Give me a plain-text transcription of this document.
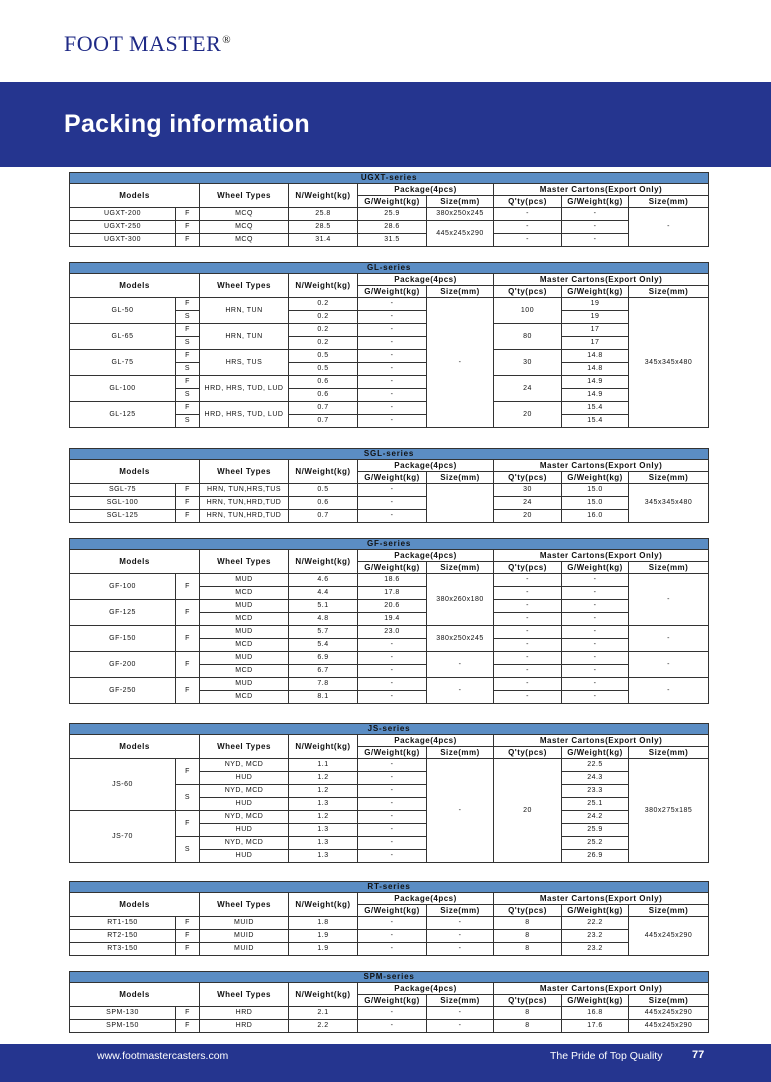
FOOT MASTER®
Packing information
UGXT-series								
Models		Wheel Types	N/Weight(kg)	Package(4pcs)		Master Cartons(Export Only)		
				G/Weight(kg)	Size(mm)	Q'ty(pcs)	G/Weight(kg)	Size(mm)
UGXT-200	F	MCQ	25.8	25.9	380x250x245	-	-	-
UGXT-250	F	MCQ	28.5	28.6	445x245x290	-	-	
UGXT-300	F	MCQ	31.4	31.5		-	-	
GL-series								
Models		Wheel Types	N/Weight(kg)	Package(4pcs)		Master Cartons(Export Only)		
				G/Weight(kg)	Size(mm)	Q'ty(pcs)	G/Weight(kg)	Size(mm)
GL-50	F	HRN, TUN	0.2	-	-	100	19	345x345x480
	S		0.2	-			19	
GL-65	F	HRN, TUN	0.2	-		80	17	
	S		0.2	-			17	
GL-75	F	HRS, TUS	0.5	-		30	14.8	
	S		0.5	-			14.8	
GL-100	F	HRD, HRS, TUD, LUD	0.6	-		24	14.9	
	S		0.6	-			14.9	
GL-125	F	HRD, HRS, TUD, LUD	0.7	-		20	15.4	
	S		0.7	-			15.4	
SGL-series								
Models		Wheel Types	N/Weight(kg)	Package(4pcs)		Master Cartons(Export Only)		
				G/Weight(kg)	Size(mm)	Q'ty(pcs)	G/Weight(kg)	Size(mm)
SGL-75	F	HRN, TUN,HRS,TUS	0.5	-		30	15.0	345x345x480
SGL-100	F	HRN, TUN,HRD,TUD	0.6	-		24	15.0	
SGL-125	F	HRN, TUN,HRD,TUD	0.7	-		20	16.0	
GF-series								
Models		Wheel Types	N/Weight(kg)	Package(4pcs)		Master Cartons(Export Only)		
				G/Weight(kg)	Size(mm)	Q'ty(pcs)	G/Weight(kg)	Size(mm)
GF-100	F	MUD	4.6	18.6	380x260x180	-	-	-
		MCD	4.4	17.8		-	-	
GF-125	F	MUD	5.1	20.6		-	-	
		MCD	4.8	19.4		-	-	
GF-150	F	MUD	5.7	23.0	380x250x245	-	-	-
		MCD	5.4	-		-	-	
GF-200	F	MUD	6.9	-	-	-	-	-
		MCD	6.7	-		-	-	
GF-250	F	MUD	7.8	-	-	-	-	-
		MCD	8.1	-		-	-	
JS-series								
Models		Wheel Types	N/Weight(kg)	Package(4pcs)		Master Cartons(Export Only)		
				G/Weight(kg)	Size(mm)	Q'ty(pcs)	G/Weight(kg)	Size(mm)
JS-60	F	NYD, MCD	1.1	-	-	20	22.5	380x275x185
		HUD	1.2	-			24.3	
	S	NYD, MCD	1.2	-			23.3	
		HUD	1.3	-			25.1	
JS-70	F	NYD, MCD	1.2	-			24.2	
		HUD	1.3	-			25.9	
	S	NYD, MCD	1.3	-			25.2	
		HUD	1.3	-			26.9	
RT-series								
Models		Wheel Types	N/Weight(kg)	Package(4pcs)		Master Cartons(Export Only)		
				G/Weight(kg)	Size(mm)	Q'ty(pcs)	G/Weight(kg)	Size(mm)
RT1-150	F	MUID	1.8	-	-	8	22.2	445x245x290
RT2-150	F	MUID	1.9	-	-	8	23.2	
RT3-150	F	MUID	1.9	-	-	8	23.2	
SPM-series								
Models		Wheel Types	N/Weight(kg)	Package(4pcs)		Master Cartons(Export Only)		
				G/Weight(kg)	Size(mm)	Q'ty(pcs)	G/Weight(kg)	Size(mm)
SPM-130	F	HRD	2.1	-	-	8	16.8	445x245x290
SPM-150	F	HRD	2.2	-	-	8	17.6	445x245x290
www.footmastercasters.com	The Pride of Top Quality	77
